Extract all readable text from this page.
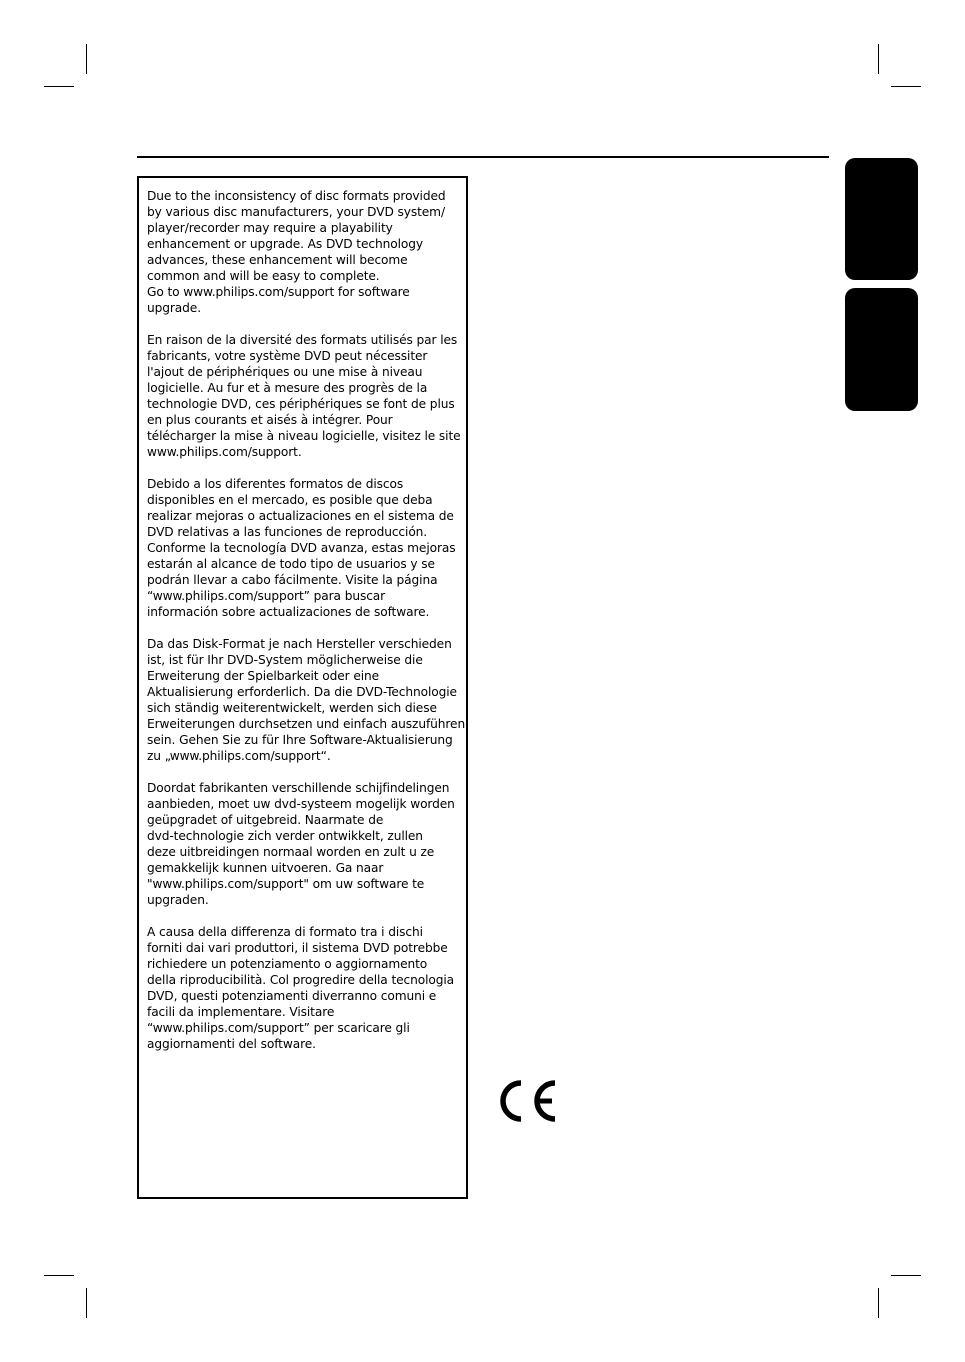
Due to the inconsistency of disc formats provided
by various disc manufacturers, your DVD system/
player/recorder may require a playability
enhancement or upgrade. As DVD technology
advances, these enhancement will become
common and will be easy to complete.
Go to www.philips.com/support for software upgrade.

En raison de la diversité des formats utilisés par les
fabricants, votre système DVD peut nécessiter
l'ajout de périphériques ou une mise à niveau
logicielle. Au fur et à mesure des progrès de la
technologie DVD, ces périphériques se font de plus
en plus courants et aisés à intégrer. Pour
télécharger la mise à niveau logicielle, visitez le site
www.philips.com/support.

Debido a los diferentes formatos de discos
disponibles en el mercado, es posible que deba
realizar mejoras o actualizaciones en el sistema de
DVD relativas a las funciones de reproducción.
Conforme la tecnología DVD avanza, estas mejoras
estarán al alcance de todo tipo de usuarios y se
podrán llevar a cabo fácilmente. Visite la página
“www.philips.com/support” para buscar
información sobre actualizaciones de software.

Da das Disk-Format je nach Hersteller verschieden
ist, ist für Ihr DVD-System möglicherweise die
Erweiterung der Spielbarkeit oder eine
Aktualisierung erforderlich. Da die DVD-Technologie
sich ständig weiterentwickelt, werden sich diese
Erweiterungen durchsetzen und einfach auszuführen
sein. Gehen Sie zu für Ihre Software-Aktualisierung
zu „www.philips.com/support“.

Doordat fabrikanten verschillende schijfindelingen
aanbieden, moet uw dvd-systeem mogelijk worden
geüpgradet of uitgebreid. Naarmate de
dvd-technologie zich verder ontwikkelt, zullen
deze uitbreidingen normaal worden en zult u ze
gemakkelijk kunnen uitvoeren. Ga naar
"www.philips.com/support" om uw software te
upgraden.

A causa della differenza di formato tra i dischi
forniti dai vari produttori, il sistema DVD potrebbe
richiedere un potenziamento o aggiornamento
della riproducibilità. Col progredire della tecnologia
DVD, questi potenziamenti diverranno comuni e
facili da implementare. Visitare
“www.philips.com/support” per scaricare gli
aggiornamenti del software.
